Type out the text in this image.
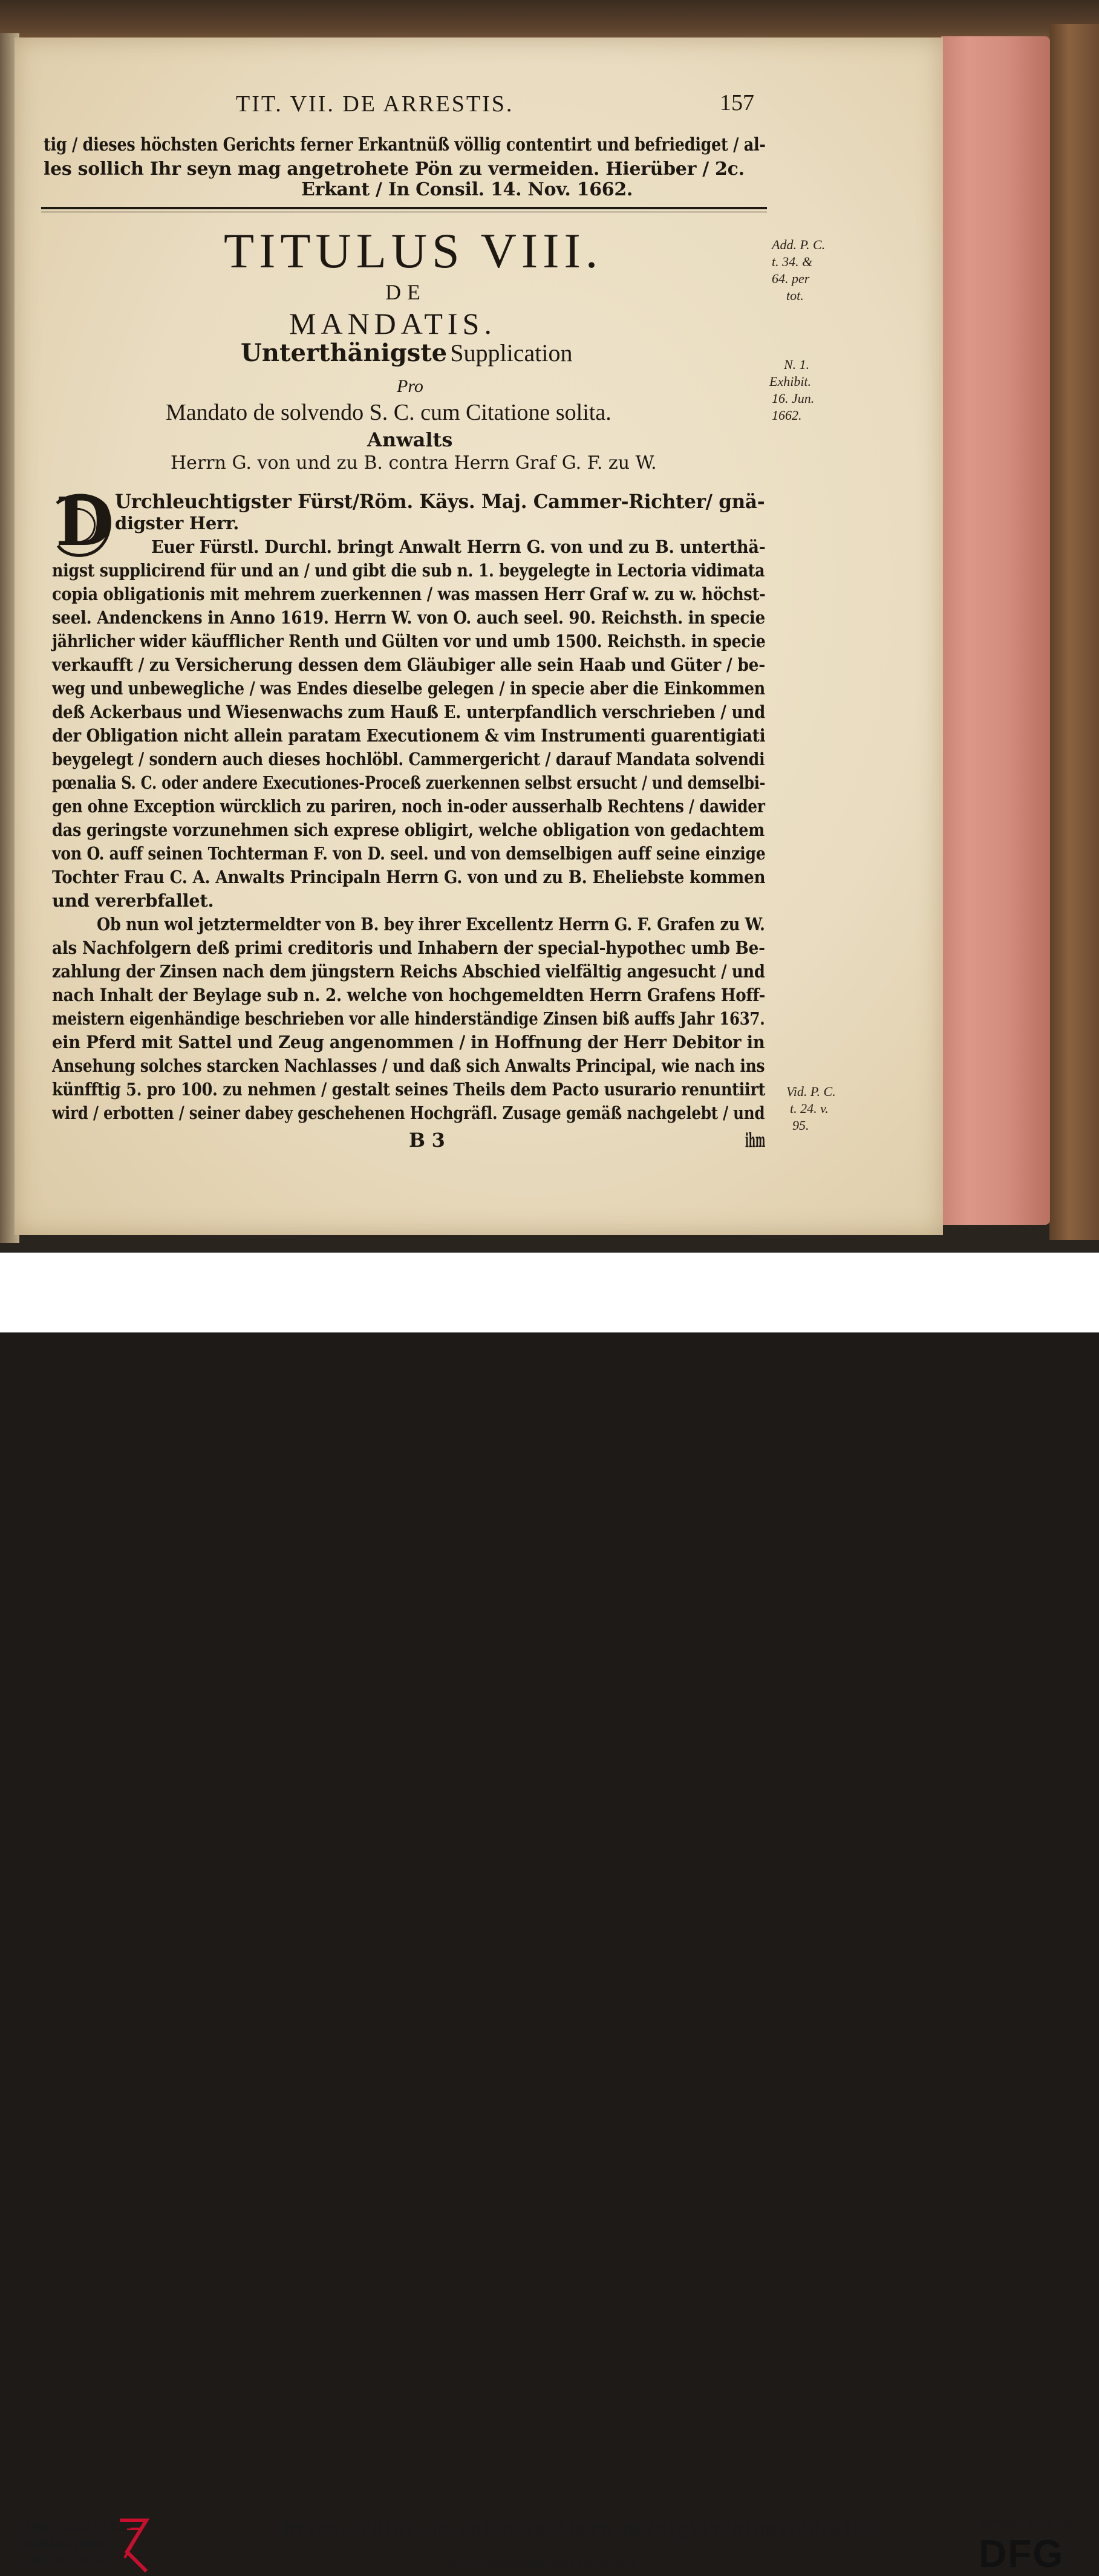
TIT. VII. DE ARRESTIS.	157
tig / dieses höchsten Gerichts ferner Erkantnüß völlig contentirt und befriediget / al-
les sollich Ihr seyn mag angetrohete Pön zu vermeiden. Hierüber / 2c.
Erkant / In Consil. 14. Nov. 1662.
TITULUS VIII.
DE
MANDATIS.
Unterthänigste Supplication
Pro
Mandato de solvendo S. C. cum Citatione solita.
Anwalts
Herrn G. von und zu B. contra Herrn Graf G. F. zu W.
D Urchleuchtigster Fürst/Röm. Käys. Maj. Cammer-Richter/ gnä-
digster Herr.
Euer Fürstl. Durchl. bringt Anwalt Herrn G. von und zu B. unterthä-
nigst supplicirend für und an / und gibt die sub n. 1. beygelegte in Lectoria vidimata
copia obligationis mit mehrem zuerkennen / was massen Herr Graf w. zu w. höchst-
seel. Andenckens in Anno 1619. Herrn W. von O. auch seel. 90. Reichsth. in specie
jährlicher wider käufflicher Renth und Gülten vor und umb 1500. Reichsth. in specie
verkaufft / zu Versicherung dessen dem Gläubiger alle sein Haab und Güter / be-
weg und unbewegliche / was Endes dieselbe gelegen / in specie aber die Einkommen
deß Ackerbaus und Wiesenwachs zum Hauß E. unterpfandlich verschrieben / und
der Obligation nicht allein paratam Executionem & vim Instrumenti guarentigiati
beygelegt / sondern auch dieses hochlöbl. Cammergericht / darauf Mandata solvendi
pœnalia S. C. oder andere Executiones-Proceß zuerkennen selbst ersucht / und demselbi-
gen ohne Exception würcklich zu pariren, noch in-oder ausserhalb Rechtens / dawider
das geringste vorzunehmen sich exprese obligirt, welche obligation von gedachtem
von O. auff seinen Tochterman F. von D. seel. und von demselbigen auff seine einzige
Tochter Frau C. A. Anwalts Principaln Herrn G. von und zu B. Eheliebste kommen
und vererbfallet.
Ob nun wol jetztermeldter von B. bey ihrer Excellentz Herrn G. F. Grafen zu W.
als Nachfolgern deß primi creditoris und Inhabern der special-hypothec umb Be-
zahlung der Zinsen nach dem jüngstern Reichs Abschied vielfältig angesucht / und
nach Inhalt der Beylage sub n. 2. welche von hochgemeldten Herrn Grafens Hoff-
meistern eigenhändige beschrieben vor alle hinderständige Zinsen biß auffs Jahr 1637.
ein Pferd mit Sattel und Zeug angenommen / in Hoffnung der Herr Debitor in
Ansehung solches starcken Nachlasses / und daß sich Anwalts Principal, wie nach ins
künfftig 5. pro 100. zu nehmen / gestalt seines Theils dem Pacto usurario renuntiirt
wird / erbotten / seiner dabey geschehenen Hochgräfl. Zusage gemäß nachgelebt / und
B 3	ihm
Add. P. C.
t. 34. &
64. per
tot.
N. 1.
Exhibit.
16. Jun.
1662.
Vid. P. C.
t. 24. v.
95.
UNIVERSITÄTS-
BIBLIOTHEK
HEIDELBERG
https://digi.ub.uni-heidelberg.de/diglit/blum1740/0169
© Universitätsbibliothek Heidelberg
gefördert durch die
DFG
